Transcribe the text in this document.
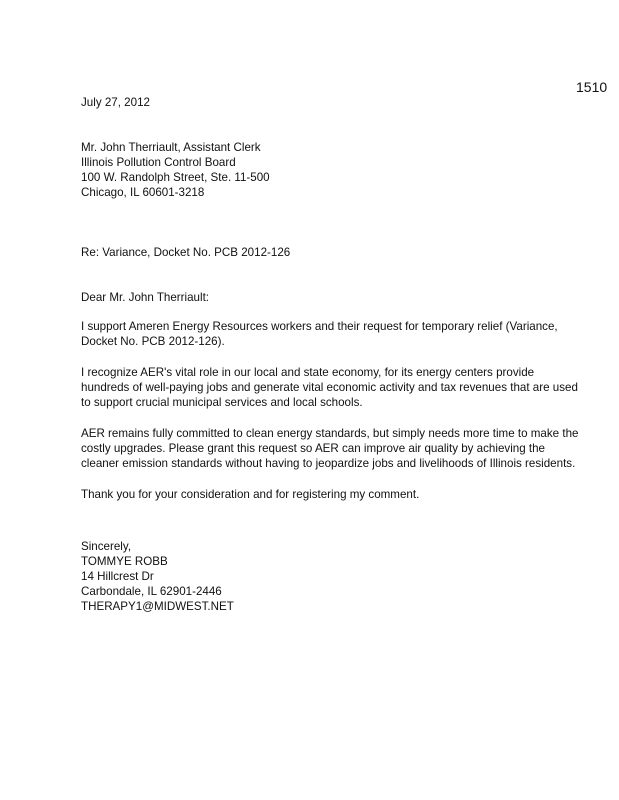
1510
July 27, 2012
Mr. John Therriault, Assistant Clerk
Illinois Pollution Control Board
100 W. Randolph Street, Ste. 11-500
Chicago, IL 60601-3218
Re: Variance, Docket No. PCB 2012-126
Dear Mr. John Therriault:
I support Ameren Energy Resources workers and their request for temporary relief (Variance, Docket No. PCB 2012-126).
I recognize AER's vital role in our local and state economy, for its energy centers provide hundreds of well-paying jobs and generate vital economic activity and tax revenues that are used to support crucial municipal services and local schools.
AER remains fully committed to clean energy standards, but simply needs more time to make the costly upgrades. Please grant this request so AER can improve air quality by achieving the cleaner emission standards without having to jeopardize jobs and livelihoods of Illinois residents.
Thank you for your consideration and for registering my comment.
Sincerely,
TOMMYE ROBB
14 Hillcrest Dr
Carbondale, IL 62901-2446
THERAPY1@MIDWEST.NET
